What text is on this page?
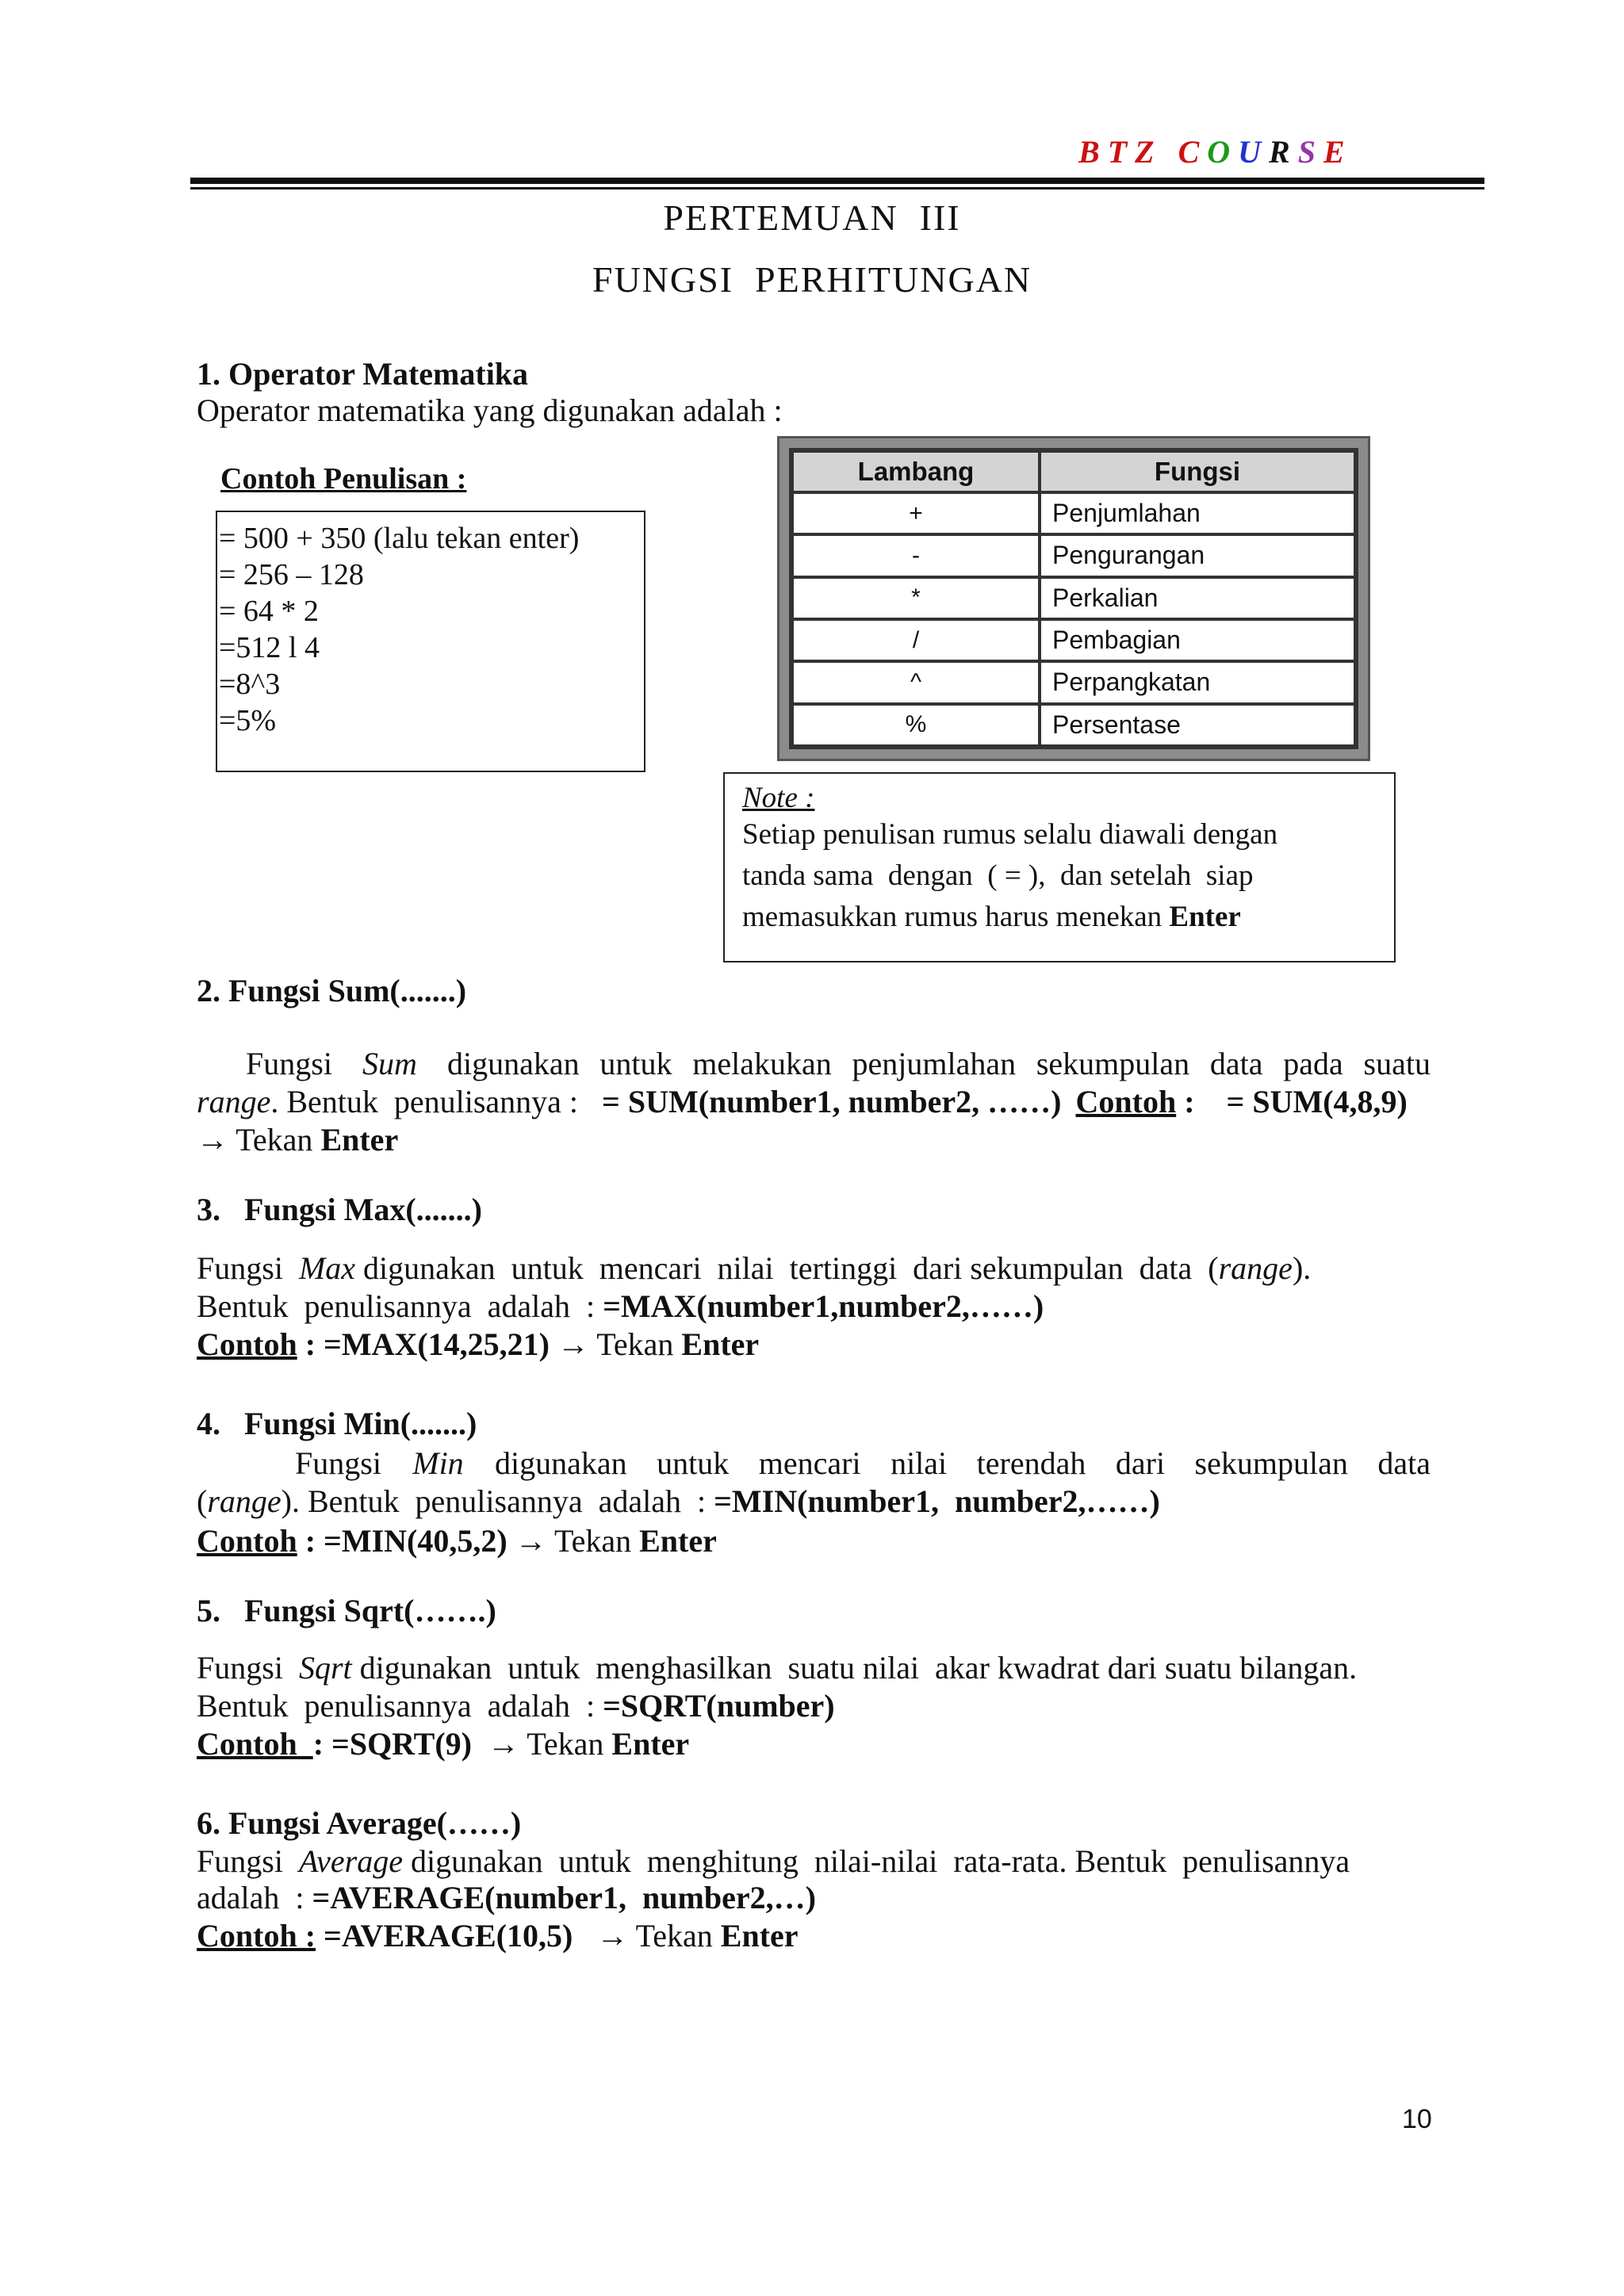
BTZ COURSE
PERTEMUAN  III
FUNGSI  PERHITUNGAN
1. Operator Matematika
Operator matematika yang digunakan adalah :
Contoh Penulisan :
= 500 + 350 (lalu tekan enter)
= 256 – 128
= 64 * 2
=512 l 4
=8^3
=5%
Lambang	Fungsi
+	Penjumlahan
-	Pengurangan
*	Perkalian
/	Pembagian
^	Perpangkatan
%	Persentase
Note :
Setiap penulisan rumus selalu diawali dengan
tanda sama  dengan  ( = ),  dan setelah  siap
memasukkan rumus harus menekan Enter
2. Fungsi Sum(.......)
Fungsi Sum digunakan untuk melakukan penjumlahan sekumpulan data pada suatu
range. Bentuk  penulisannya :   = SUM(number1, number2, ……) Contoh :    = SUM(4,8,9)
→ Tekan Enter
3.   Fungsi Max(.......)
Fungsi  Max digunakan  untuk  mencari  nilai  tertinggi  dari sekumpulan  data  (range).
Bentuk  penulisannya  adalah  : =MAX(number1,number2,……)
Contoh : =MAX(14,25,21) → Tekan Enter
4.   Fungsi Min(.......)
Fungsi Min digunakan untuk mencari nilai terendah dari sekumpulan data
(range). Bentuk  penulisannya  adalah  : =MIN(number1,  number2,……)
Contoh : =MIN(40,5,2) → Tekan Enter
5.   Fungsi Sqrt(…….)
Fungsi  Sqrt digunakan  untuk  menghasilkan  suatu nilai  akar kwadrat dari suatu bilangan.
Bentuk  penulisannya  adalah  : =SQRT(number)
Contoh  : =SQRT(9)  → Tekan Enter
6. Fungsi Average(……)
Fungsi  Average digunakan  untuk  menghitung  nilai-nilai  rata-rata. Bentuk  penulisannya
adalah  : =AVERAGE(number1,  number2,…)
Contoh : =AVERAGE(10,5)   → Tekan Enter
10
